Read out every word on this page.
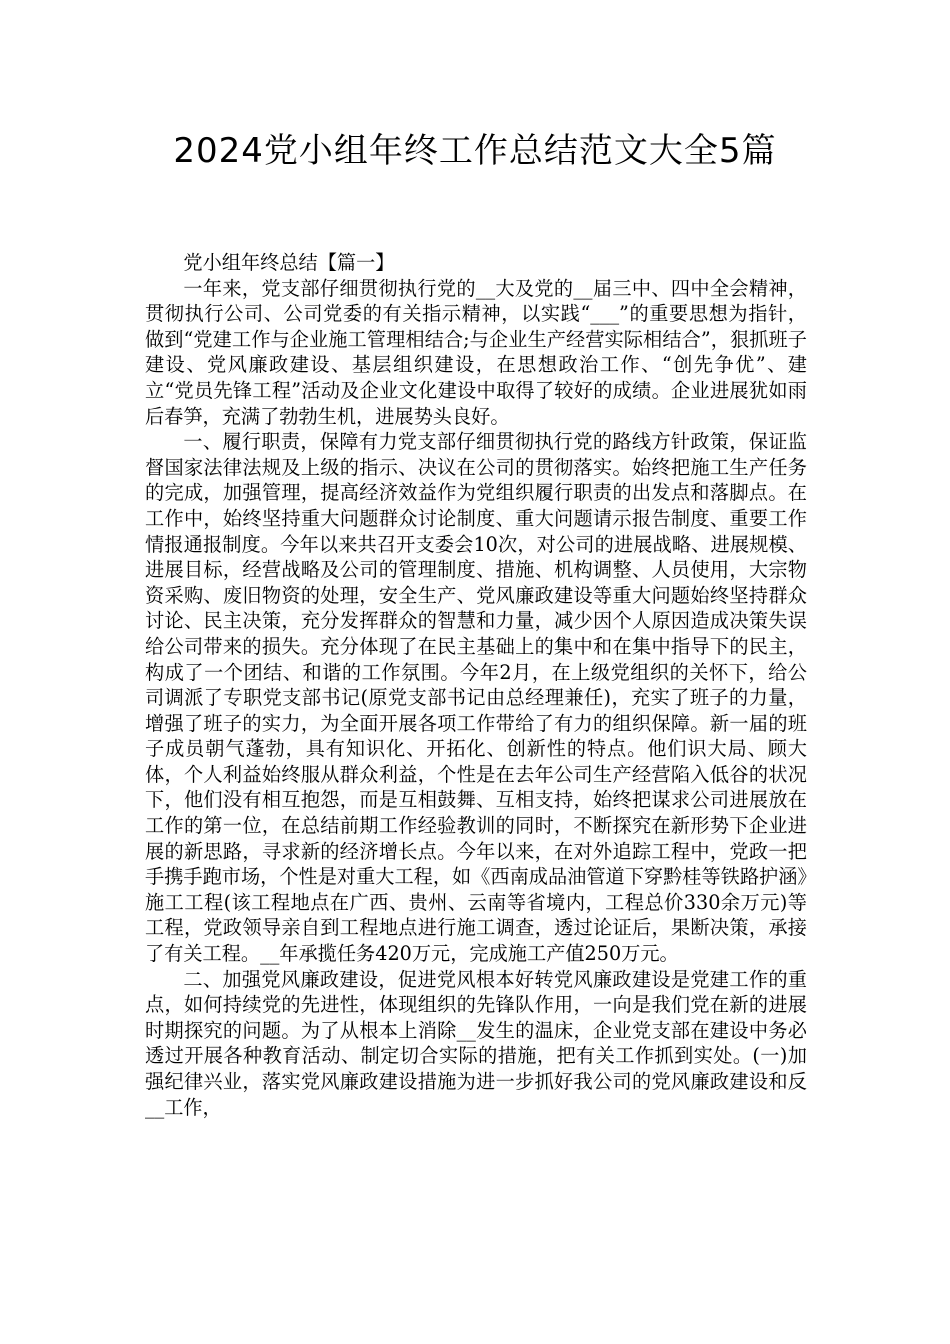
2024党小组年终工作总结范文大全5篇

党小组年终总结【篇一】

一年来，党支部仔细贯彻执行党的__大及党的__届三中、四中全会精神，贯彻执行公司、公司党委的有关指示精神，以实践“___”的重要思想为指针，做到“党建工作与企业施工管理相结合;与企业生产经营实际相结合”，狠抓班子建设、党风廉政建设、基层组织建设，在思想政治工作、“创先争优”、建立“党员先锋工程”活动及企业文化建设中取得了较好的成绩。企业进展犹如雨后春笋，充满了勃勃生机，进展势头良好。

一、履行职责，保障有力党支部仔细贯彻执行党的路线方针政策，保证监督国家法律法规及上级的指示、决议在公司的贯彻落实。始终把施工生产任务的完成，加强管理，提高经济效益作为党组织履行职责的出发点和落脚点。在工作中，始终坚持重大问题群众讨论制度、重大问题请示报告制度、重要工作情报通报制度。今年以来共召开支委会10次，对公司的进展战略、进展规模、进展目标，经营战略及公司的管理制度、措施、机构调整、人员使用，大宗物资采购、废旧物资的处理，安全生产、党风廉政建设等重大问题始终坚持群众讨论、民主决策，充分发挥群众的智慧和力量，减少因个人原因造成决策失误给公司带来的损失。充分体现了在民主基础上的集中和在集中指导下的民主，构成了一个团结、和谐的工作氛围。今年2月，在上级党组织的关怀下，给公司调派了专职党支部书记(原党支部书记由总经理兼任)，充实了班子的力量，增强了班子的实力，为全面开展各项工作带给了有力的组织保障。新一届的班子成员朝气蓬勃，具有知识化、开拓化、创新性的特点。他们识大局、顾大体，个人利益始终服从群众利益，个性是在去年公司生产经营陷入低谷的状况下，他们没有相互抱怨，而是互相鼓舞、互相支持，始终把谋求公司进展放在工作的第一位，在总结前期工作经验教训的同时，不断探究在新形势下企业进展的新思路，寻求新的经济增长点。今年以来，在对外追踪工程中，党政一把手携手跑市场，个性是对重大工程，如《西南成品油管道下穿黔桂等铁路护涵》施工工程(该工程地点在广西、贵州、云南等省境内，工程总价330余万元)等工程，党政领导亲自到工程地点进行施工调查，透过论证后，果断决策，承接了有关工程。__年承揽任务420万元，完成施工产值250万元。

二、加强党风廉政建设，促进党风根本好转党风廉政建设是党建工作的重点，如何持续党的先进性，体现组织的先锋队作用，一向是我们党在新的进展时期探究的问题。为了从根本上消除__发生的温床，企业党支部在建设中务必透过开展各种教育活动、制定切合实际的措施，把有关工作抓到实处。(一)加强纪律兴业，落实党风廉政建设措施为进一步抓好我公司的党风廉政建设和反__工作，
